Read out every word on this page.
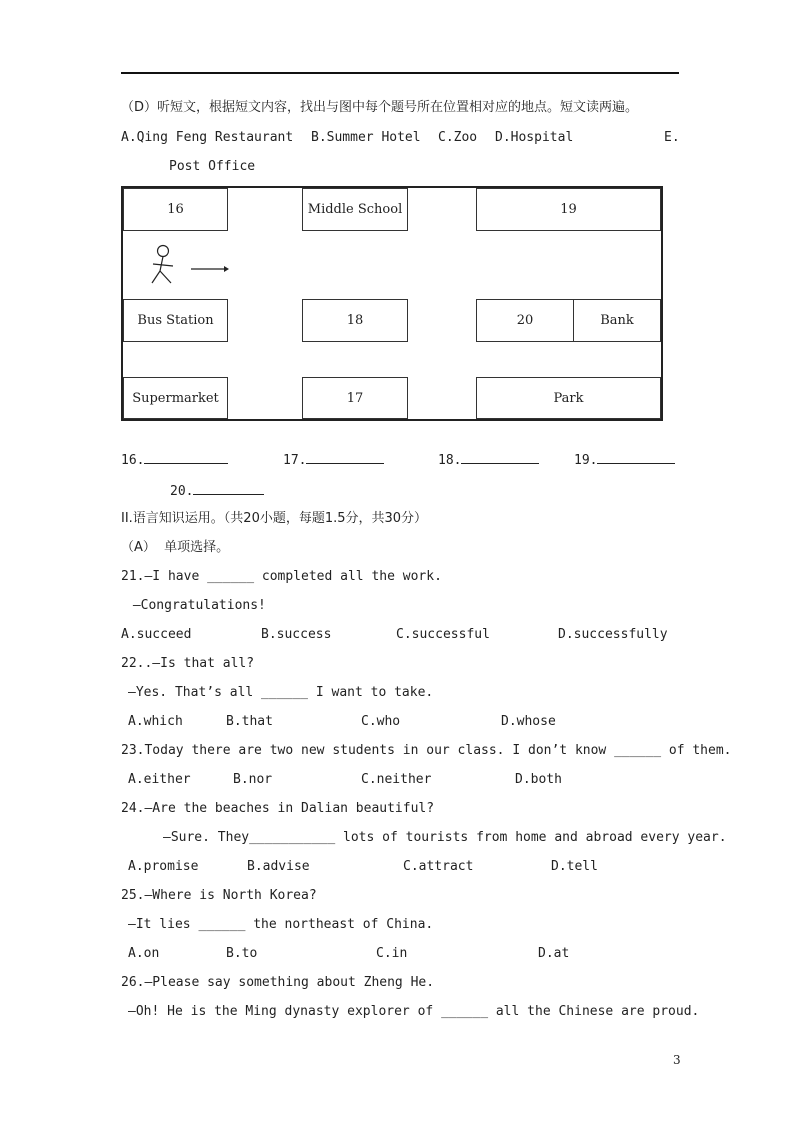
（D）听短文，根据短文内容，找出与图中每个题号所在位置相对应的地点。短文读两遍。
A.Qing Feng Restaurant B.Summer Hotel C.Zoo D.Hospital	E.
Post Office
16	Middle School	19
Bus Station	18	20	Bank
Supermarket	17	Park
16.	17.	18.	19.
20.
II.语言知识运用。（共20小题，每题1.5分，共30分）
（A）  单项选择。
21.—I have ______ completed all the work.
—Congratulations!
A.succeed	B.success	C.successful	D.successfully
22..—Is that all?
—Yes. That’s all ______ I want to take.
A.which	B.that	C.who	D.whose
23.Today there are two new students in our class. I don’t know ______ of them.
A.either	B.nor	C.neither	D.both
24.—Are the beaches in Dalian beautiful?
—Sure. They___________ lots of tourists from home and abroad every year.
A.promise	B.advise	C.attract	D.tell
25.—Where is North Korea?
—It lies ______ the northeast of China.
A.on	B.to	C.in	D.at
26.—Please say something about Zheng He.
—Oh! He is the Ming dynasty explorer of ______ all the Chinese are proud.
3
